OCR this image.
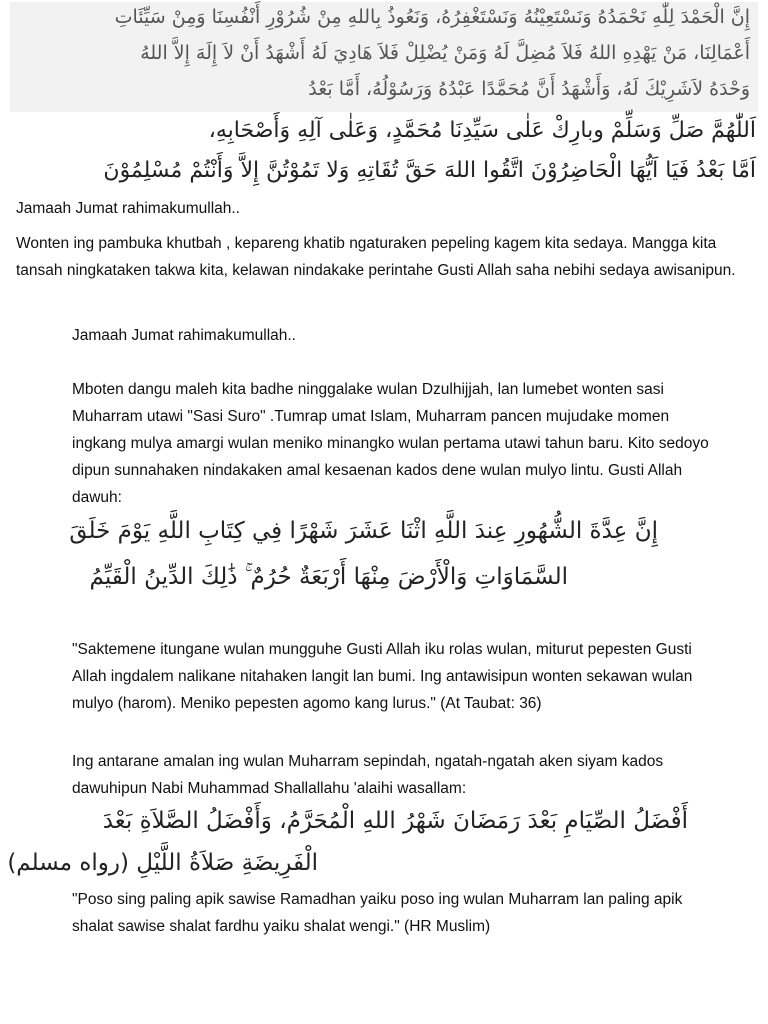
إِنَّ الْحَمْدَ لِلّٰهِ نَحْمَدُهُ وَنَسْتَعِيْنُهُ وَنَسْتَغْفِرُهُ، وَنَعُوذُ بِاللهِ مِنْ شُرُوْرِ أَنْفُسِنَا وَمِنْ سَيِّئَاتِ
أَعْمَالِنَا، مَنْ يَهْدِهِ اللهُ فَلاَ مُضِلَّ لَهُ وَمَنْ يُضْلِلْ فَلاَ هَادِيَ لَهُ أَشْهَدُ أَنْ لاَ إِلَهَ إِلاَّ اللهُ
وَحْدَهُ لاَشَرِيْكَ لَهُ، وَأَشْهَدُ أَنَّ مُحَمَّدًا عَبْدُهُ وَرَسُوْلُهُ، أَمَّا بَعْدُ
اَللّٰهُمَّ صَلِّ وَسَلِّمْ وبارِكْ عَلٰى سَيِّدِنَا مُحَمَّدٍ، وَعَلٰى آلِهِ وَأَصْحَابِهِ،
اَمَّا بَعْدُ فَيَا اَيُّهَا الْحَاضِرُوْنَ اتَّقُوا اللهَ حَقَّ تُقَاتِهِ وَلا تَمُوْتُنَّ إِلاَّ وَأَنْتُمْ مُسْلِمُوْنَ
Jamaah Jumat rahimakumullah..
Wonten ing pambuka khutbah , kepareng khatib ngaturaken pepeling kagem kita sedaya. Mangga kita tansah ningkataken takwa kita, kelawan nindakake perintahe Gusti Allah saha nebihi sedaya awisanipun.
Jamaah Jumat rahimakumullah..
Mboten dangu maleh kita badhe ninggalake wulan Dzulhijjah, lan lumebet wonten sasi Muharram utawi "Sasi Suro" .Tumrap umat Islam, Muharram pancen mujudake momen ingkang mulya amargi wulan meniko minangko wulan pertama utawi tahun baru. Kito sedoyo dipun sunnahaken nindakaken amal kesaenan kados dene wulan mulyo lintu. Gusti Allah dawuh:
إِنَّ عِدَّةَ الشُّهُورِ عِندَ اللَّهِ اثْنَا عَشَرَ شَهْرًا فِي كِتَابِ اللَّهِ يَوْمَ خَلَقَ
السَّمَاوَاتِ وَالْأَرْضَ مِنْهَا أَرْبَعَةٌ حُرُمٌ ۚ ذَٰلِكَ الدِّينُ الْقَيِّمُ
"Saktemene itungane wulan mungguhe Gusti Allah iku rolas wulan, miturut pepesten Gusti Allah ingdalem nalikane nitahaken langit lan bumi. Ing antawisipun wonten sekawan wulan mulyo (harom). Meniko pepesten agomo kang lurus." (At Taubat: 36)
Ing antarane amalan ing wulan Muharram sepindah, ngatah-ngatah aken siyam kados dawuhipun Nabi Muhammad Shallallahu 'alaihi wasallam:
أَفْضَلُ الصِّيَامِ بَعْدَ رَمَضَانَ شَهْرُ اللهِ الْمُحَرَّمُ، وَأَفْضَلُ الصَّلاَةِ بَعْدَ
الْفَرِيضَةِ صَلاَةُ اللَّيْلِ (رواه مسلم)
"Poso sing paling apik sawise Ramadhan yaiku poso ing wulan Muharram lan paling apik shalat sawise shalat fardhu yaiku shalat wengi." (HR Muslim)
